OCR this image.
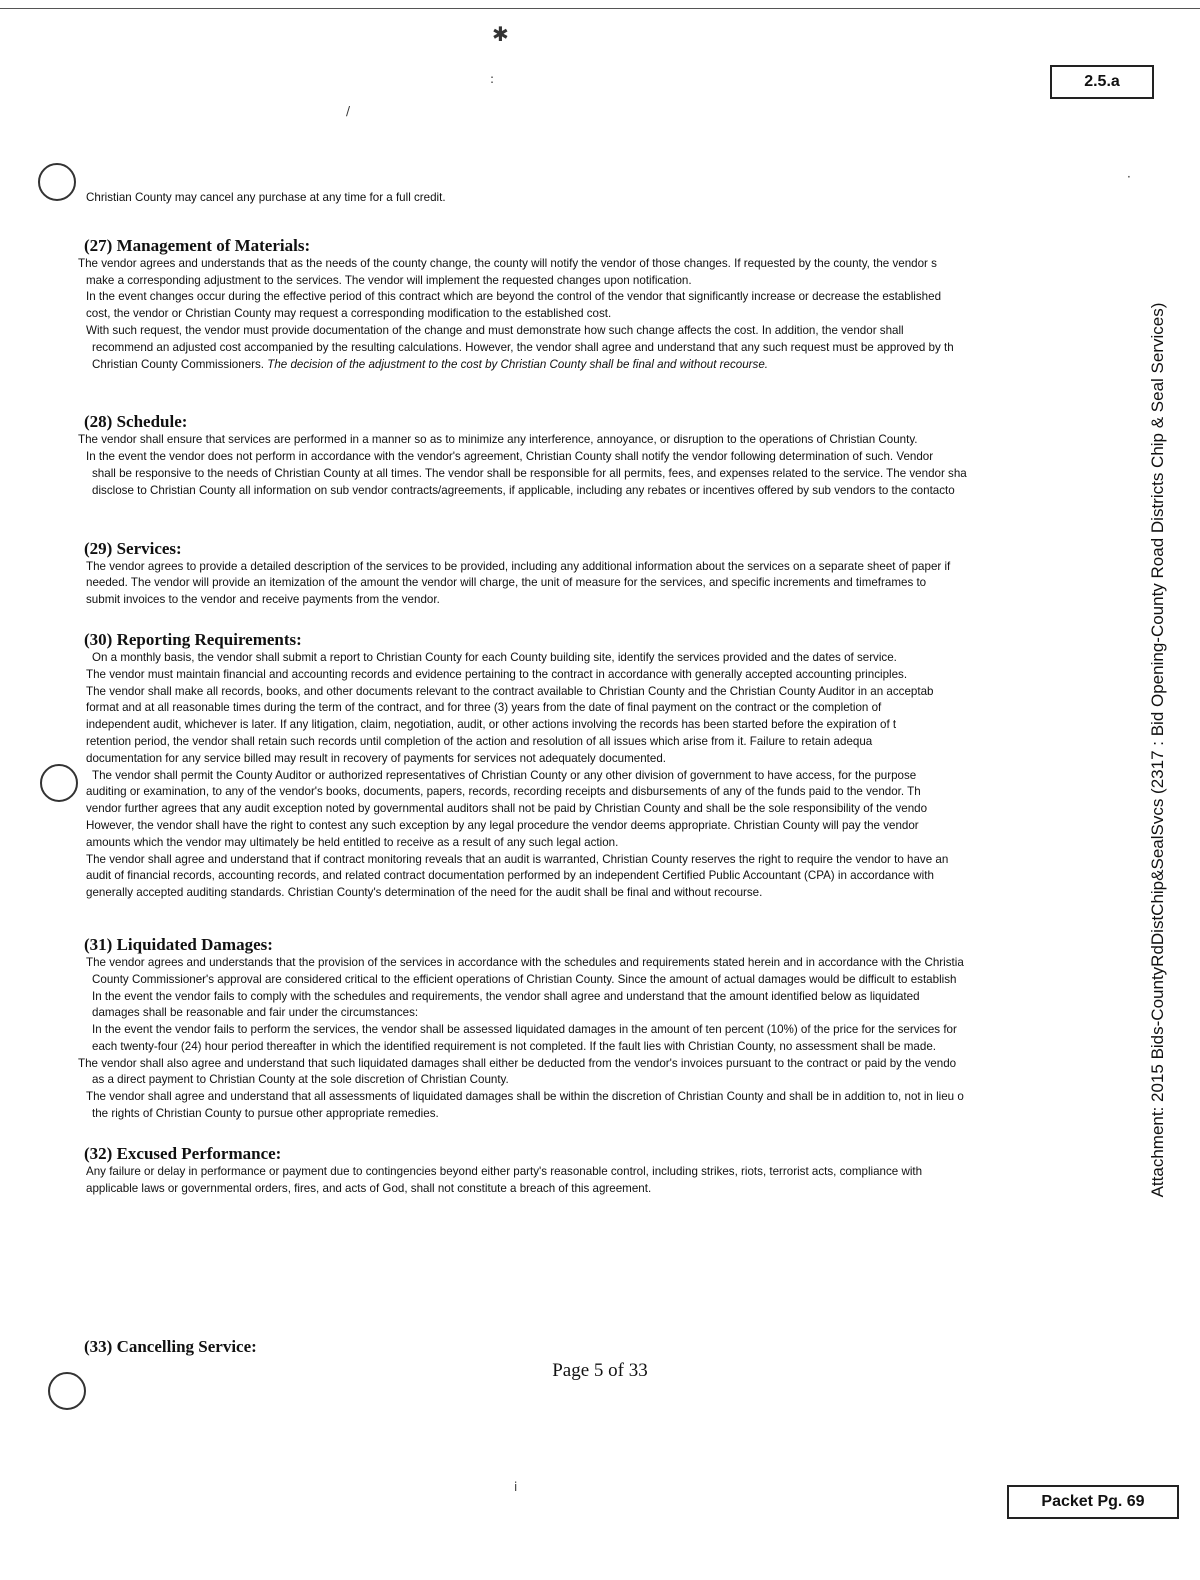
✱
:
/
·
2.5.a
Attachment: 2015 Bids-CountyRdDistChip&SealSvcs (2317 : Bid Opening-County Road Districts Chip & Seal Services)

Christian County may cancel any purchase at any time for a full credit.

(27) Management of Materials:

The vendor agrees and understands that as the needs of the county change, the county will notify the vendor of those changes. If requested by the county, the vendor s

make a corresponding adjustment to the services. The vendor will implement the requested changes upon notification.

In the event changes occur during the effective period of this contract which are beyond the control of the vendor that significantly increase or decrease the established

cost, the vendor or Christian County may request a corresponding modification to the established cost.

With such request, the vendor must provide documentation of the change and must demonstrate how such change affects the cost. In addition, the vendor shall

recommend an adjusted cost accompanied by the resulting calculations. However, the vendor shall agree and understand that any such request must be approved by th

Christian County Commissioners. The decision of the adjustment to the cost by Christian County shall be final and without recourse.

(28) Schedule:

The vendor shall ensure that services are performed in a manner so as to minimize any interference, annoyance, or disruption to the operations of Christian County.

In the event the vendor does not perform in accordance with the vendor's agreement, Christian County shall notify the vendor following determination of such. Vendor

shall be responsive to the needs of Christian County at all times. The vendor shall be responsible for all permits, fees, and expenses related to the service. The vendor sha

disclose to Christian County all information on sub vendor contracts/agreements, if applicable, including any rebates or incentives offered by sub vendors to the contacto

(29) Services:

The vendor agrees to provide a detailed description of the services to be provided, including any additional information about the services on a separate sheet of paper if

needed. The vendor will provide an itemization of the amount the vendor will charge, the unit of measure for the services, and specific increments and timeframes to

submit invoices to the vendor and receive payments from the vendor.

(30) Reporting Requirements:

On a monthly basis, the vendor shall submit a report to Christian County for each County building site, identify the services provided and the dates of service.

The vendor must maintain financial and accounting records and evidence pertaining to the contract in accordance with generally accepted accounting principles.

The vendor shall make all records, books, and other documents relevant to the contract available to Christian County and the Christian County Auditor in an acceptab

format and at all reasonable times during the term of the contract, and for three (3) years from the date of final payment on the contract or the completion of

independent audit, whichever is later. If any litigation, claim, negotiation, audit, or other actions involving the records has been started before the expiration of t

retention period, the vendor shall retain such records until completion of the action and resolution of all issues which arise from it. Failure to retain adequa

documentation for any service billed may result in recovery of payments for services not adequately documented.

The vendor shall permit the County Auditor or authorized representatives of Christian County or any other division of government to have access, for the purpose

auditing or examination, to any of the vendor's books, documents, papers, records, recording receipts and disbursements of any of the funds paid to the vendor. Th

vendor further agrees that any audit exception noted by governmental auditors shall not be paid by Christian County and shall be the sole responsibility of the vendo

However, the vendor shall have the right to contest any such exception by any legal procedure the vendor deems appropriate. Christian County will pay the vendor

amounts which the vendor may ultimately be held entitled to receive as a result of any such legal action.

The vendor shall agree and understand that if contract monitoring reveals that an audit is warranted, Christian County reserves the right to require the vendor to have an

audit of financial records, accounting records, and related contract documentation performed by an independent Certified Public Accountant (CPA) in accordance with

generally accepted auditing standards. Christian County's determination of the need for the audit shall be final and without recourse.

(31) Liquidated Damages:

The vendor agrees and understands that the provision of the services in accordance with the schedules and requirements stated herein and in accordance with the Christia

County Commissioner's approval are considered critical to the efficient operations of Christian County. Since the amount of actual damages would be difficult to establish

In the event the vendor fails to comply with the schedules and requirements, the vendor shall agree and understand that the amount identified below as liquidated

damages shall be reasonable and fair under the circumstances:

In the event the vendor fails to perform the services, the vendor shall be assessed liquidated damages in the amount of ten percent (10%) of the price for the services for

each twenty-four (24) hour period thereafter in which the identified requirement is not completed. If the fault lies with Christian County, no assessment shall be made.

The vendor shall also agree and understand that such liquidated damages shall either be deducted from the vendor's invoices pursuant to the contract or paid by the vendo

as a direct payment to Christian County at the sole discretion of Christian County.

The vendor shall agree and understand that all assessments of liquidated damages shall be within the discretion of Christian County and shall be in addition to, not in lieu o

the rights of Christian County to pursue other appropriate remedies.

(32) Excused Performance:

Any failure or delay in performance or payment due to contingencies beyond either party's reasonable control, including strikes, riots, terrorist acts, compliance with

applicable laws or governmental orders, fires, and acts of God, shall not constitute a breach of this agreement.

(33) Cancelling Service:
Page 5 of 33
i
Packet Pg. 69
